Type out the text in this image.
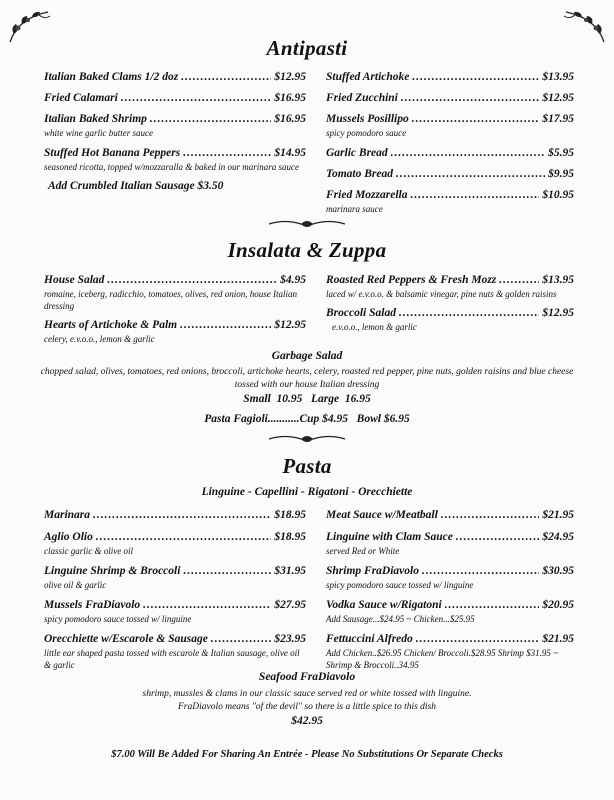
Antipasti
Italian Baked Clams 1/2 doz .....	$12.95
Fried Calamari .....	$16.95
Italian Baked Shrimp .....	$16.95
white wine garlic butter sauce
Stuffed Hot Banana Peppers .....	$14.95
seasoned ricotta, topped w/mozzaralla & baked in our marinara sauce
Add Crumbled Italian Sausage $3.50
Stuffed Artichoke .....	$13.95
Fried Zucchini .....	$12.95
Mussels Posillipo .....	$17.95
spicy pomodoro sauce
Garlic Bread .....	$5.95
Tomato Bread .....	$9.95
Fried Mozzarella .....	$10.95
marinara sauce
Insalata & Zuppa
House Salad .....	$4.95
romaine, iceberg, radicchio, tomatoes, olives, red onion, house Italian dressing
Hearts of Artichoke & Palm .....	$12.95
celery, e.v.o.o., lemon & garlic
Roasted Red Peppers & Fresh Mozz .....	$13.95
laced w/ e.v.o.o. & balsamic vinegar, pine nuts & golden raisins
Broccoli Salad .....	$12.95
e.v.o.o., lemon & garlic
Garbage Salad
chopped salad, olives, tomatoes, red onions, broccoli, artichoke hearts, celery, roasted red pepper, pine nuts, golden raisins and blue cheese tossed with our house Italian dressing
Small  10.95   Large  16.95
Pasta Fagioli...........Cup $4.95   Bowl $6.95
Pasta
Linguine - Capellini - Rigatoni - Orecchiette
Marinara .....	$18.95
Aglio Olio .....	$18.95
classic garlic & olive oil
Linguine Shrimp & Broccoli .....	$31.95
olive oil & garlic
Mussels FraDiavolo .....	$27.95
spicy pomodoro sauce tossed w/ linguine
Orecchiette w/Escarole & Sausage .....	$23.95
little ear shaped pasta tossed with escarole & Italian sausage, olive oil & garlic
Meat Sauce w/Meatball .....	$21.95
Linguine with Clam Sauce .....	$24.95
served Red or White
Shrimp FraDiavolo .....	$30.95
spicy pomodoro sauce tossed w/ linguine
Vodka Sauce w/Rigatoni .....	$20.95
Add Sausage...$24.95 ~ Chicken...$25.95
Fettuccini Alfredo .....	$21.95
Add Chicken..$26.95 Chicken/ Broccoli.$28.95 Shrimp $31.95 ~ Shrimp & Broccoli..34.95
Seafood FraDiavolo
shrimp, mussles & clams in our classic sauce served red or white tossed with linguine.
FraDiavolo means "of the devil" so there is a little spice to this dish
$42.95
$7.00 Will Be Added For Sharing An Entrée - Please No Substitutions Or Separate Checks
